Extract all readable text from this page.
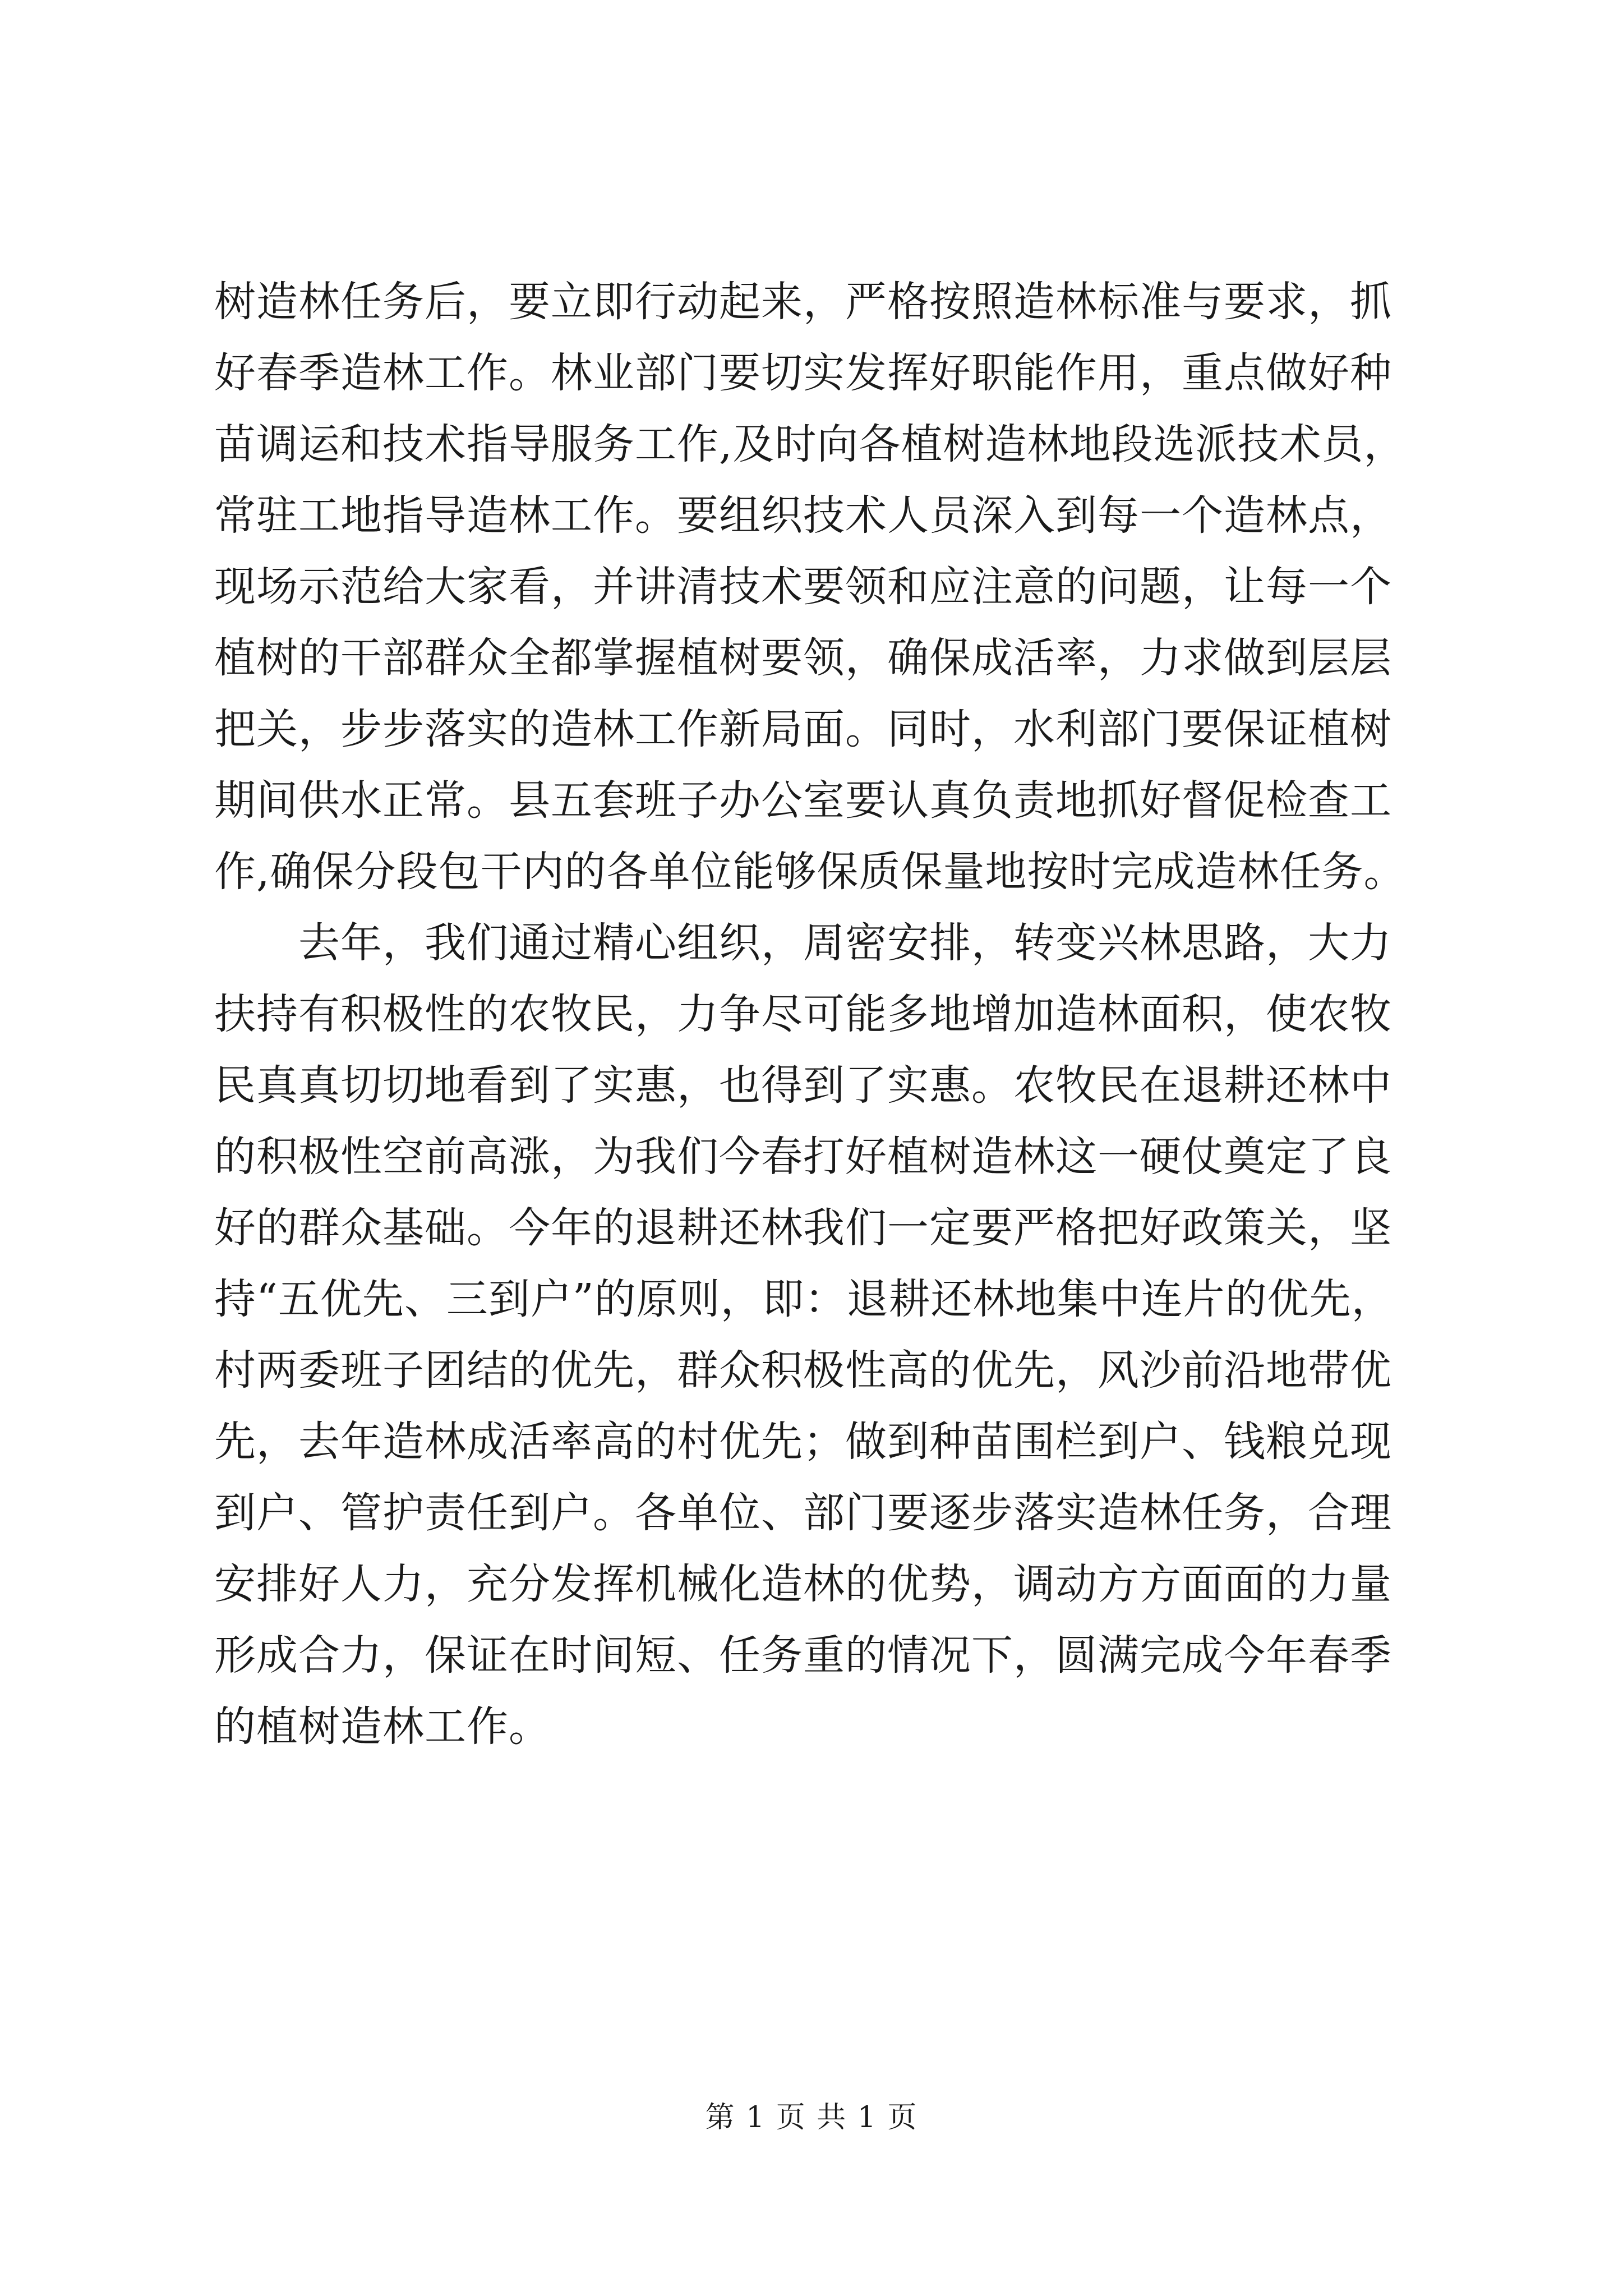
树造林任务后，要立即行动起来，严格按照造林标准与要求，抓
好春季造林工作。林业部门要切实发挥好职能作用，重点做好种
苗调运和技术指导服务工作,及时向各植树造林地段选派技术员，
常驻工地指导造林工作。要组织技术人员深入到每一个造林点，
现场示范给大家看，并讲清技术要领和应注意的问题，让每一个
植树的干部群众全都掌握植树要领，确保成活率，力求做到层层
把关，步步落实的造林工作新局面。同时，水利部门要保证植树
期间供水正常。县五套班子办公室要认真负责地抓好督促检查工
作,确保分段包干内的各单位能够保质保量地按时完成造林任务。
去年，我们通过精心组织，周密安排，转变兴林思路，大力
扶持有积极性的农牧民，力争尽可能多地增加造林面积，使农牧
民真真切切地看到了实惠，也得到了实惠。农牧民在退耕还林中
的积极性空前高涨，为我们今春打好植树造林这一硬仗奠定了良
好的群众基础。今年的退耕还林我们一定要严格把好政策关，坚
持“五优先、三到户”的原则，即：退耕还林地集中连片的优先，
村两委班子团结的优先，群众积极性高的优先，风沙前沿地带优
先，去年造林成活率高的村优先；做到种苗围栏到户、钱粮兑现
到户、管护责任到户。各单位、部门要逐步落实造林任务，合理
安排好人力，充分发挥机械化造林的优势，调动方方面面的力量
形成合力，保证在时间短、任务重的情况下，圆满完成今年春季
的植树造林工作。
第 1 页 共 1 页
